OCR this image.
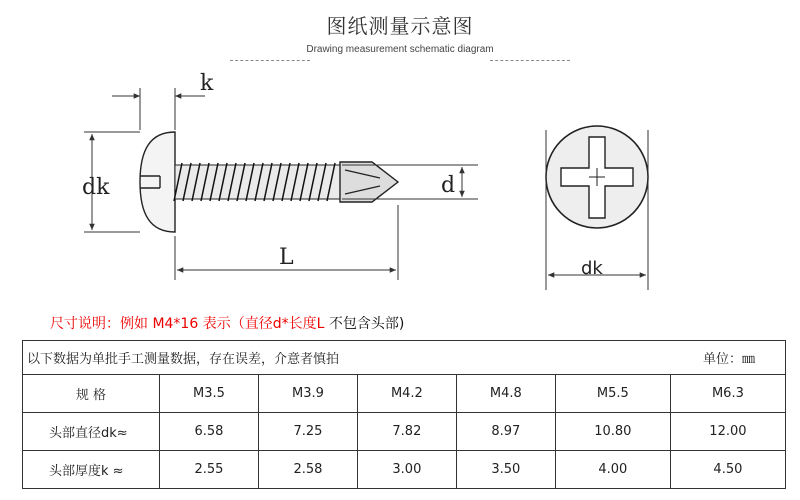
图纸测量示意图
Drawing measurement schematic diagram
k
dk	d
L	dk
尺寸说明：例如 M4*16 表示（直径d*长度L 不包含头部)
以下数据为单批手工测量数据，存在误差，介意者慎拍 单位：㎜						

规 格	M3.5	M3.9	M4.2	M4.8	M5.5	M6.3
头部直径dk≈	6.58	7.25	7.82	8.97	10.80	12.00
头部厚度k ≈	2.55	2.58	3.00	3.50	4.00	4.50
